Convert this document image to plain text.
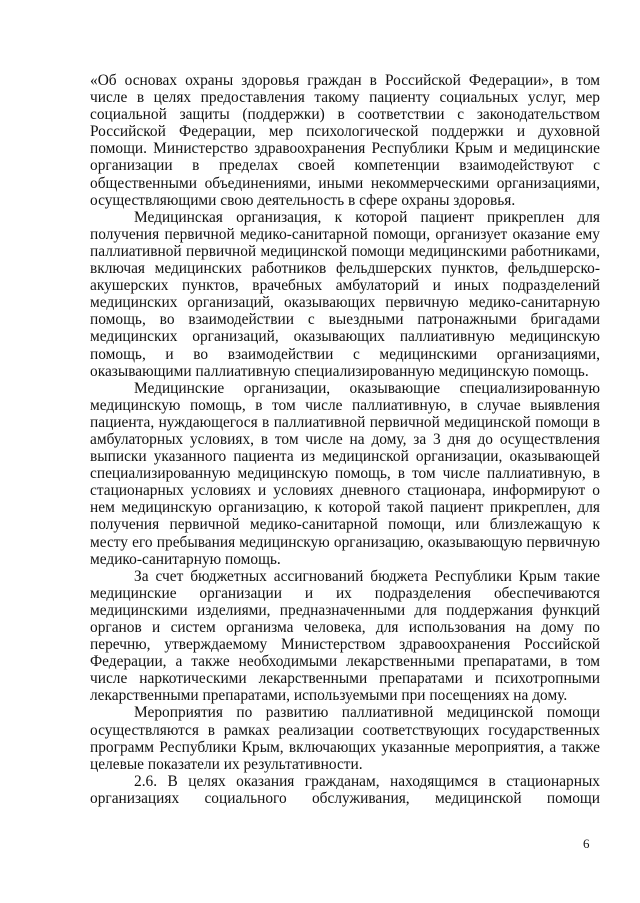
«Об основах охраны здоровья граждан в Российской Федерации», в том числе в целях предоставления такому пациенту социальных услуг, мер социальной защиты (поддержки) в соответствии с законодательством Российской Федерации, мер психологической поддержки и духовной помощи. Министерство здравоохранения Республики Крым и медицинские организации в пределах своей компетенции взаимодействуют с общественными объединениями, иными некоммерческими организациями, осуществляющими свою деятельность в сфере охраны здоровья.

Медицинская организация, к которой пациент прикреплен для получения первичной медико-санитарной помощи, организует оказание ему паллиативной первичной медицинской помощи медицинскими работниками, включая медицинских работников фельдшерских пунктов, фельдшерско-акушерских пунктов, врачебных амбулаторий и иных подразделений медицинских организаций, оказывающих первичную медико-санитарную помощь, во взаимодействии с выездными патронажными бригадами медицинских организаций, оказывающих паллиативную медицинскую помощь, и во взаимодействии с медицинскими организациями, оказывающими паллиативную специализированную медицинскую помощь.

Медицинские организации, оказывающие специализированную медицинскую помощь, в том числе паллиативную, в случае выявления пациента, нуждающегося в паллиативной первичной медицинской помощи в амбулаторных условиях, в том числе на дому, за 3 дня до осуществления выписки указанного пациента из медицинской организации, оказывающей специализированную медицинскую помощь, в том числе паллиативную, в стационарных условиях и условиях дневного стационара, информируют о нем медицинскую организацию, к которой такой пациент прикреплен, для получения первичной медико-санитарной помощи, или близлежащую к месту его пребывания медицинскую организацию, оказывающую первичную медико-санитарную помощь.

За счет бюджетных ассигнований бюджета Республики Крым такие медицинские организации и их подразделения обеспечиваются медицинскими изделиями, предназначенными для поддержания функций органов и систем организма человека, для использования на дому по перечню, утверждаемому Министерством здравоохранения Российской Федерации, а также необходимыми лекарственными препаратами, в том числе наркотическими лекарственными препаратами и психотропными лекарственными препаратами, используемыми при посещениях на дому.

Мероприятия по развитию паллиативной медицинской помощи осуществляются в рамках реализации соответствующих государственных программ Республики Крым, включающих указанные мероприятия, а также целевые показатели их результативности.

2.6. В целях оказания гражданам, находящимся в стационарных организациях социального обслуживания, медицинской помощи

6
